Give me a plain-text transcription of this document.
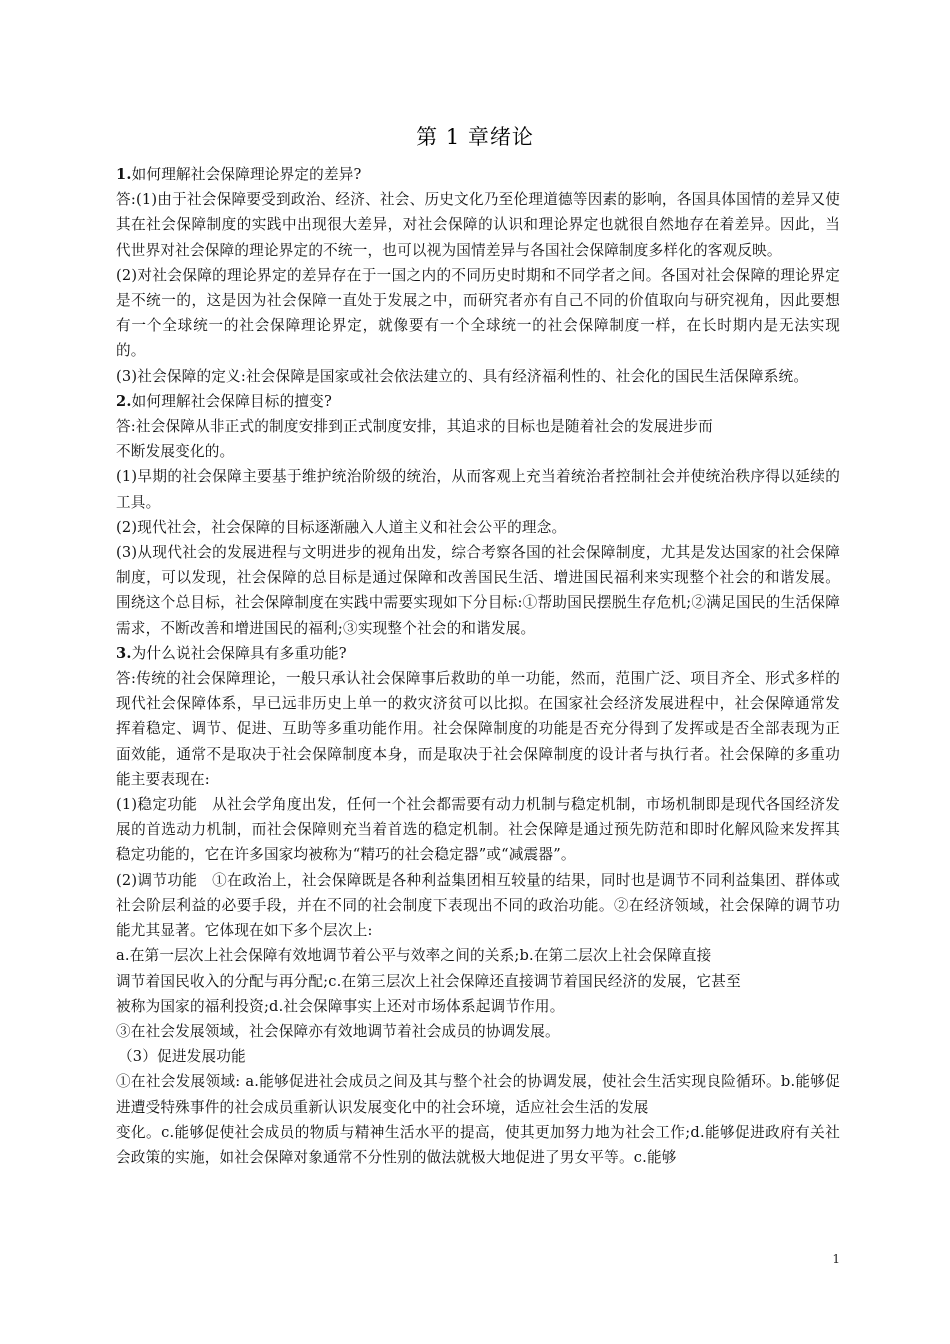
第 1 章绪论

1.如何理解社会保障理论界定的差异?

答:(1)由于社会保障要受到政治、经济、社会、历史文化乃至伦理道德等因素的影响，各国具体国情的差异又使其在社会保障制度的实践中出现很大差异，对社会保障的认识和理论界定也就很自然地存在着差异。因此，当代世界对社会保障的理论界定的不统一，也可以视为国情差异与各国社会保障制度多样化的客观反映。

(2)对社会保障的理论界定的差异存在于一国之内的不同历史时期和不同学者之间。各国对社会保障的理论界定是不统一的，这是因为社会保障一直处于发展之中，而研究者亦有自己不同的价值取向与研究视角，因此要想有一个全球统一的社会保障理论界定，就像要有一个全球统一的社会保障制度一样，在长时期内是无法实现的。

(3)社会保障的定义:社会保障是国家或社会依法建立的、具有经济福利性的、社会化的国民生活保障系统。

2.如何理解社会保障目标的擅变?

答:社会保障从非正式的制度安排到正式制度安排，其追求的目标也是随着社会的发展进步而

不断发展变化的。

(1)早期的社会保障主要基于维护统治阶级的统治，从而客观上充当着统治者控制社会并使统治秩序得以延续的工具。

(2)现代社会，社会保障的目标逐渐融入人道主义和社会公平的理念。

(3)从现代社会的发展进程与文明进步的视角出发，综合考察各国的社会保障制度，尤其是发达国家的社会保障制度，可以发现，社会保障的总目标是通过保障和改善国民生活、增进国民福利来实现整个社会的和谐发展。围绕这个总目标，社会保障制度在实践中需要实现如下分目标:①帮助国民摆脱生存危机;②满足国民的生活保障需求，不断改善和增进国民的福利;③实现整个社会的和谐发展。

3.为什么说社会保障具有多重功能?

答:传统的社会保障理论，一般只承认社会保障事后救助的单一功能，然而，范围广泛、项目齐全、形式多样的现代社会保障体系，早已远非历史上单一的救灾济贫可以比拟。在国家社会经济发展进程中，社会保障通常发挥着稳定、调节、促进、互助等多重功能作用。社会保障制度的功能是否充分得到了发挥或是否全部表现为正面效能，通常不是取决于社会保障制度本身，而是取决于社会保障制度的设计者与执行者。社会保障的多重功能主要表现在:

(1)稳定功能　从社会学角度出发，任何一个社会都需要有动力机制与稳定机制，市场机制即是现代各国经济发展的首选动力机制，而社会保障则充当着首选的稳定机制。社会保障是通过预先防范和即时化解风险来发挥其稳定功能的，它在许多国家均被称为“精巧的社会稳定器”或“减震器”。

(2)调节功能　①在政治上，社会保障既是各种利益集团相互较量的结果，同时也是调节不同利益集团、群体或社会阶层利益的必要手段，并在不同的社会制度下表现出不同的政治功能。②在经济领域，社会保障的调节功能尤其显著。它体现在如下多个层次上:

a.在第一层次上社会保障有效地调节着公平与效率之间的关系;b.在第二层次上社会保障直接

调节着国民收入的分配与再分配;c.在第三层次上社会保障还直接调节着国民经济的发展，它甚至

被称为国家的福利投资;d.社会保障事实上还对市场体系起调节作用。

③在社会发展领域，社会保障亦有效地调节着社会成员的协调发展。

（3）促进发展功能

①在社会发展领域: a.能够促进社会成员之间及其与整个社会的协调发展，使社会生活实现良险循环。b.能够促进遭受特殊事件的社会成员重新认识发展变化中的社会环境，适应社会生活的发展

变化。c.能够促使社会成员的物质与精神生活水平的提高，使其更加努力地为社会工作;d.能够促进政府有关社会政策的实施，如社会保障对象通常不分性别的做法就极大地促进了男女平等。c.能够

1
